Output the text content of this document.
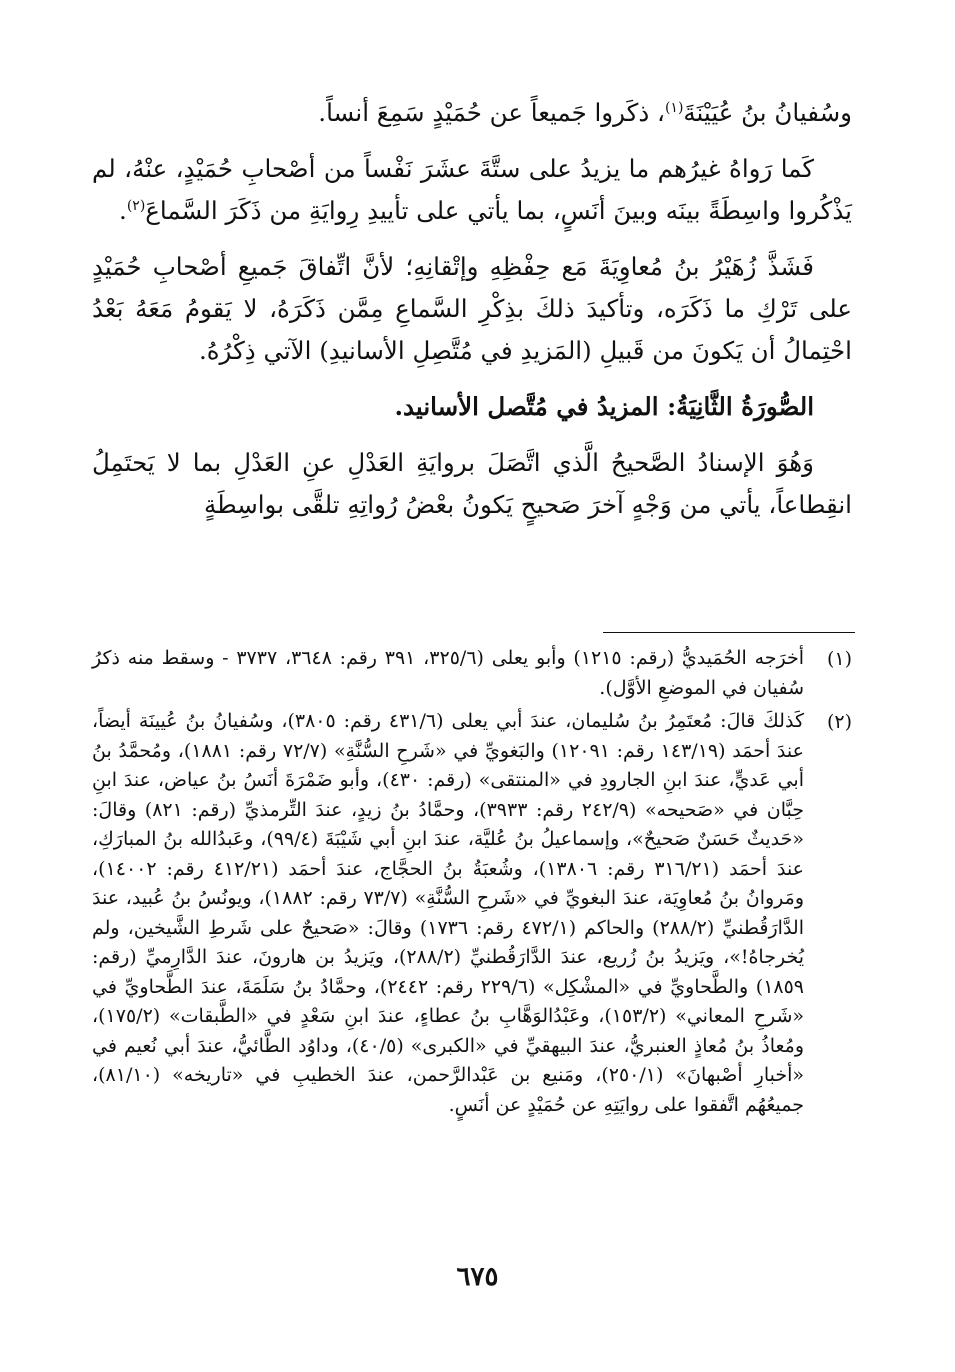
وسُفيانُ بنُ عُيَيْنَةَ$^{(١)}$، ذكَروا جَميعاً عن حُمَيْدٍ سَمِعَ أنساً.

كَما رَواهُ غيرُهم ما يزيدُ على ستَّةَ عشَرَ نَفْساً من أصْحابِ حُمَيْدٍ، عنْهُ، لم يَذْكُروا واسِطَةً بينَه وبينَ أنَسٍ، بما يأتي على تأييدِ رِوايَةِ من ذَكَرَ السَّماعَ$^{(٢)}$.

فَشَذَّ زُهَيْرُ بنُ مُعاوِيَةَ مَع حِفْظِهِ وإتْقانِهِ؛ لأنَّ اتِّفاقَ جَميعِ أصْحابِ حُمَيْدٍ على تَرْكِ ما ذَكَرَه، وتأكيدَ ذلكَ بذِكْرِ السَّماعِ مِمَّن ذَكَرَهُ، لا يَقومُ مَعَهُ بَعْدُ احْتِمالُ أن يَكونَ من قَبيلِ (المَزيدِ في مُتَّصِلِ الأسانيدِ) الآتي ذِكْرُهُ.

الصُّورَةُ الثَّانِيَةُ: المزيدُ في مُتَّصل الأسانيد.

وَهُوَ الإسنادُ الصَّحيحُ الَّذي اتَّصَلَ بروايَةِ العَدْلِ عنِ العَدْلِ بما لا يَحتَمِلُ انقِطاعاً، يأتي من وَجْهٍ آخرَ صَحيحٍ يَكونُ بعْضُ رُواتِهِ تلقَّى بواسِطَةٍ

(١)
أخرَجه الحُمَيديُّ (رقم: ١٢١٥) وأبو يعلى (٣٢٥/٦، ٣٩١ رقم: ٣٦٤٨، ٣٧٣٧ - وسقط منه ذكرُ سُفيان في الموضعِ الأوَّل).
(٢)
كَذلكَ قالَ: مُعتَمِرُ بنُ سُليمان، عندَ أبي يعلى (٤٣١/٦ رقم: ٣٨٠٥)، وسُفيانُ بنُ عُيينَة أيضاً، عندَ أحمَد (١٤٣/١٩ رقم: ١٢٠٩١) والبَغويِّ في «شَرحِ السُّنَّةِ» (٧٢/٧ رقم: ١٨٨١)، ومُحمَّدُ بنُ أبي عَديٍّ، عندَ ابنِ الجارودِ في «المنتقى» (رقم: ٤٣٠)، وأبو ضَمْرَةَ أنَسُ بنُ عياض، عندَ ابنِ حِبَّان في «صَحيحه» (٢٤٢/٩ رقم: ٣٩٣٣)، وحمَّادُ بنُ زيدٍ، عندَ التِّرمذيِّ (رقم: ٨٢١) وقالَ: «حَديثٌ حَسَنٌ صَحيحٌ»، وإسماعيلُ بنُ عُليَّة، عندَ ابنِ أبي شَيْبَةَ (٩٩/٤)، وعَبدُالله بنُ المبارَكِ، عندَ أحمَد (٣١٦/٢١ رقم: ١٣٨٠٦)، وشُعبَةُ بنُ الحجَّاج، عندَ أحمَد (٤١٢/٢١ رقم: ١٤٠٠٢)، ومَروانُ بنُ مُعاوِيَة، عندَ البغويِّ في «شَرحِ السُّنَّةِ» (٧٣/٧ رقم: ١٨٨٢)، ويونُسُ بنُ عُبيد، عندَ الدَّارَقُطنيِّ (٢٨٨/٢) والحاكم (٤٧٢/١ رقم: ١٧٣٦) وقالَ: «صَحيحٌ على شَرطِ الشَّيخين، ولم يُخرجاهُ!»، ويَزيدُ بنُ زُريع، عندَ الدَّارَقُطنيِّ (٢٨٨/٢)، ويَزيدُ بن هارونَ، عندَ الدَّارِميِّ (رقم: ١٨٥٩) والطَّحاويِّ في «المشْكِل» (٢٢٩/٦ رقم: ٢٤٤٢)، وحمَّادُ بنُ سَلَمَةَ، عندَ الطَّحاويِّ في «شَرحِ المعاني» (١٥٣/٢)، وعَبْدُالوَهَّابِ بنُ عطاءٍ، عندَ ابنِ سَعْدٍ في «الطَّبقات» (١٧٥/٢)، ومُعاذُ بنُ مُعاذٍ العنبريُّ، عندَ البيهقيِّ في «الكبرى» (٤٠/٥)، وداوُد الطَّائيُّ، عندَ أبي نُعيم في «أخبارِ أصْبهانَ» (٢٥٠/١)، ومَنيع بن عَبْدالرَّحمن، عندَ الخطيبِ في «تاريخه» (٨١/١٠)، جميعُهُم اتَّفقوا على روايَتِهِ عن حُمَيْدٍ عن أنَسٍ.
٦٧٥
